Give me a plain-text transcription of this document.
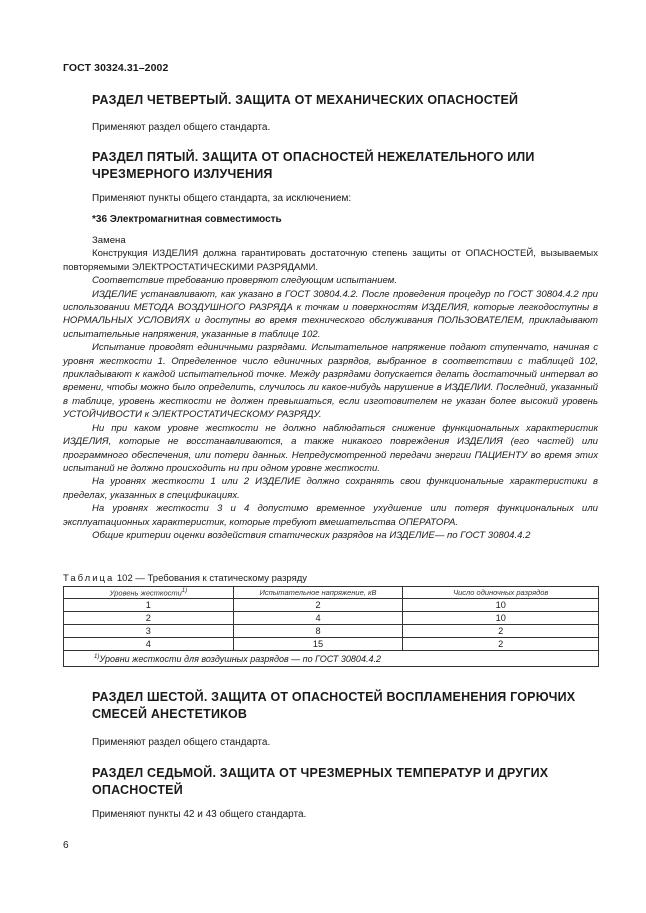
ГОСТ 30324.31–2002
РАЗДЕЛ ЧЕТВЕРТЫЙ. ЗАЩИТА ОТ МЕХАНИЧЕСКИХ ОПАСНОСТЕЙ
Применяют раздел общего стандарта.
РАЗДЕЛ ПЯТЫЙ. ЗАЩИТА ОТ ОПАСНОСТЕЙ НЕЖЕЛАТЕЛЬНОГО ИЛИ
ЧРЕЗМЕРНОГО ИЗЛУЧЕНИЯ
Применяют пункты общего стандарта, за исключением:
*36 Электромагнитная совместимость

Замена

Конструкция ИЗДЕЛИЯ должна гарантировать достаточную степень защиты от ОПАСНОСТЕЙ, вызываемых повторяемыми ЭЛЕКТРОСТАТИЧЕСКИМИ РАЗРЯДАМИ.

Соответствие требованию проверяют следующим испытанием.

ИЗДЕЛИЕ устанавливают, как указано в ГОСТ 30804.4.2. После проведения процедур по ГОСТ 30804.4.2 при использовании МЕТОДА ВОЗДУШНОГО РАЗРЯДА к точкам и поверхностям ИЗДЕЛИЯ, которые легкодоступны в НОРМАЛЬНЫХ УСЛОВИЯХ и доступны во время технического обслуживания ПОЛЬЗОВАТЕЛЕМ, прикладывают испытательные напряжения, указанные в таблице 102.

Испытание проводят единичными разрядами. Испытательное напряжение подают ступенчато, начиная с уровня жесткости 1. Определенное число единичных разрядов, выбранное в соответствии с таблицей 102, прикладывают к каждой испытательной точке. Между разрядами допускается делать достаточный интервал во времени, чтобы можно было определить, случилось ли какое-нибудь нарушение в ИЗДЕЛИИ. Последний, указанный в таблице, уровень жесткости не должен превышаться, если изготовителем не указан более высокий уровень УСТОЙЧИВОСТИ к ЭЛЕКТРОСТАТИЧЕСКОМУ РАЗРЯДУ.

Ни при каком уровне жесткости не должно наблюдаться снижение функциональных характеристик ИЗДЕЛИЯ, которые не восстанавливаются, а также никакого повреждения ИЗДЕЛИЯ (его частей) или программного обеспечения, или потери данных. Непредусмотренной передачи энергии ПАЦИЕНТУ во время этих испытаний не должно происходить ни при одном уровне жесткости.

На уровнях жесткости 1 или 2 ИЗДЕЛИЕ должно сохранять свои функциональные характеристики в пределах, указанных в спецификациях.

На уровнях жесткости 3 и 4 допустимо временное ухудшение или потеря функциональных или эксплуатационных характеристик, которые требуют вмешательства ОПЕРАТОРА.

Общие критерии оценки воздействия статических разрядов на ИЗДЕЛИЕ— по ГОСТ 30804.4.2

Таблица 102 — Требования к статическому разряду
Уровень жесткости$^{1)}$	Испытательное напряжение, кВ	Число одиночных разрядов
1	2	10
2	4	10
3	8	2
4	15	2
$^{1)}$Уровни жесткости для воздушных разрядов — по ГОСТ 30804.4.2		
РАЗДЕЛ ШЕСТОЙ. ЗАЩИТА ОТ ОПАСНОСТЕЙ ВОСПЛАМЕНЕНИЯ ГОРЮЧИХ
СМЕСЕЙ АНЕСТЕТИКОВ
Применяют раздел общего стандарта.
РАЗДЕЛ СЕДЬМОЙ. ЗАЩИТА ОТ ЧРЕЗМЕРНЫХ ТЕМПЕРАТУР И ДРУГИХ
ОПАСНОСТЕЙ
Применяют пункты 42 и 43 общего стандарта.
6
